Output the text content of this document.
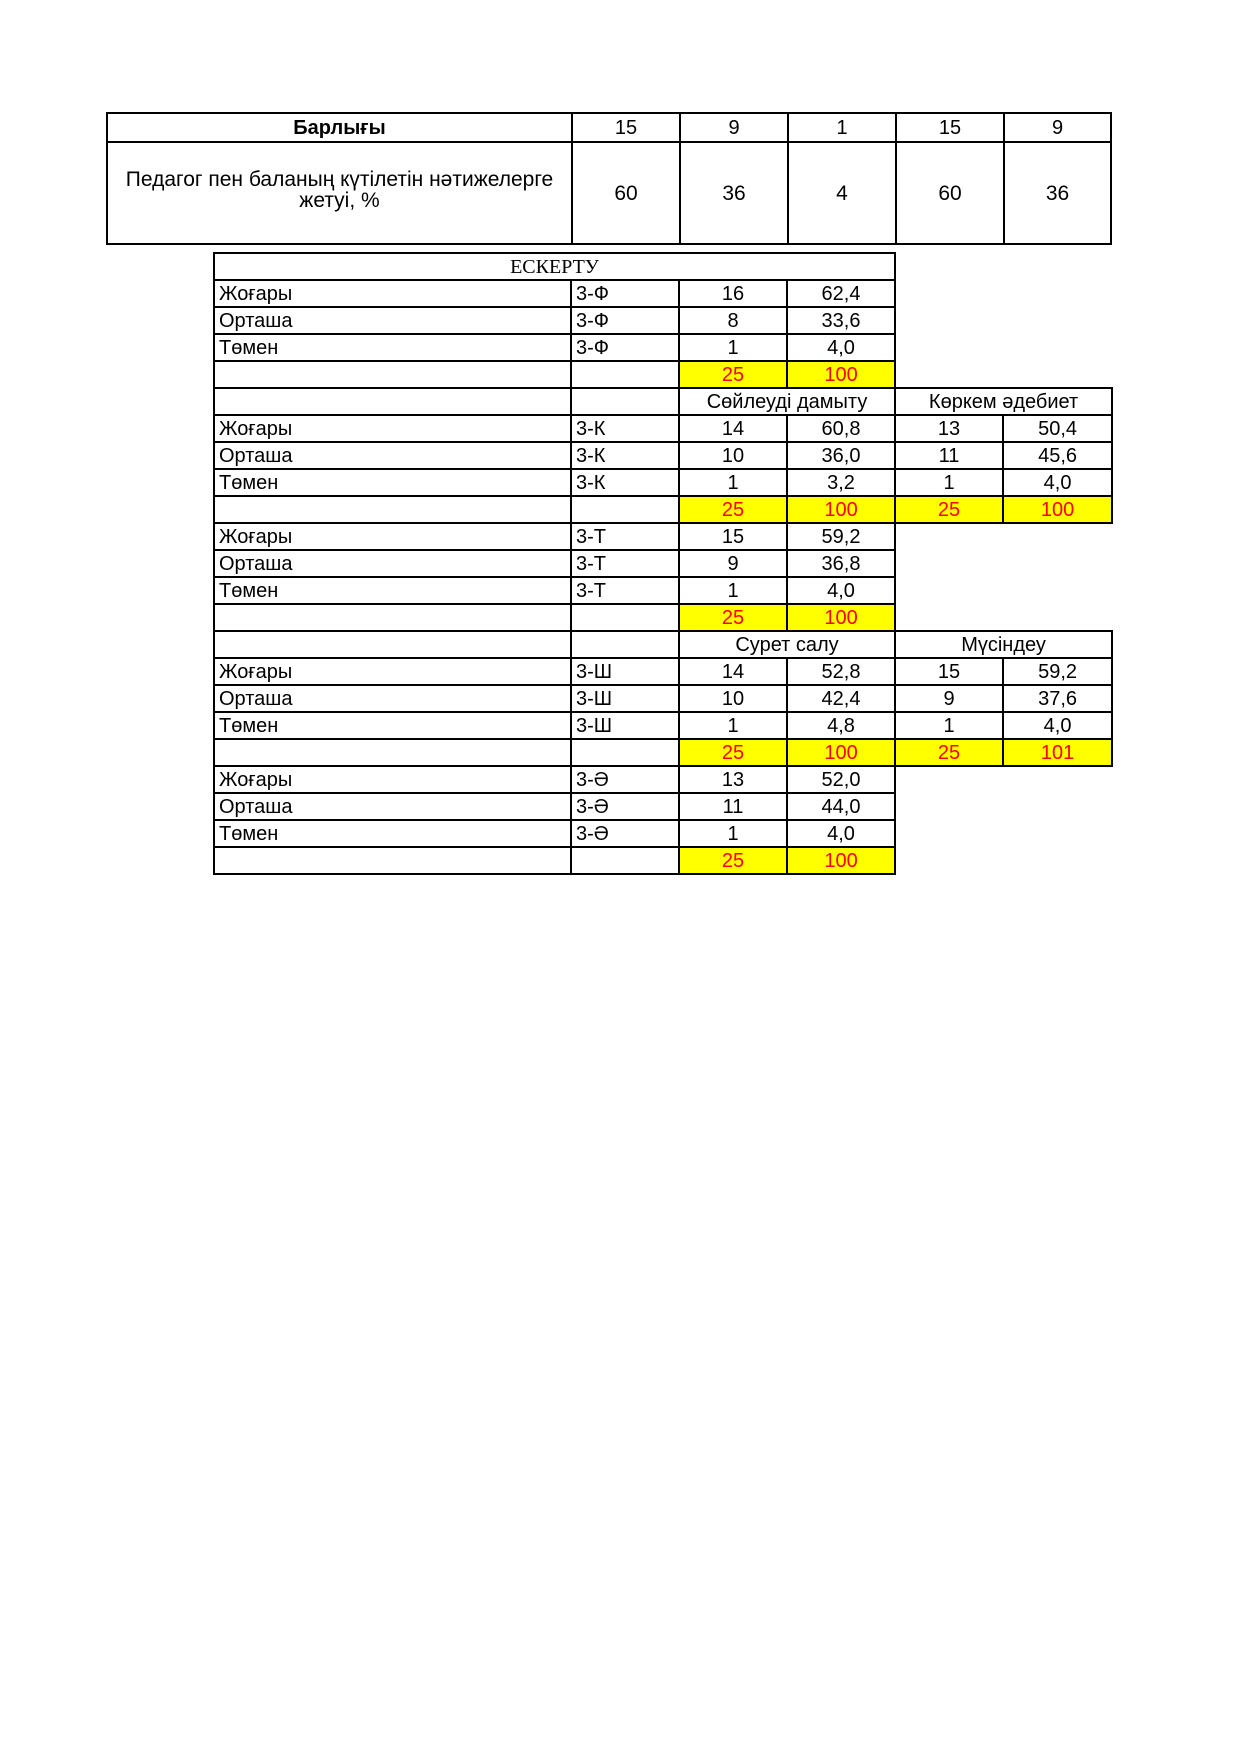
Барлығы	15	9	1	15	9
Педагог пен баланың күтілетін нәтижелерге жетуі, %	60	36	4	60	36
ЕСКЕРТУ					
Жоғары	3-Ф	16	62,4		
Орташа	3-Ф	8	33,6		
Төмен	3-Ф	1	4,0		
		25	100		
		Сөйлеуді дамыту		Көркем әдебиет	
Жоғары	3-К	14	60,8	13	50,4
Орташа	3-К	10	36,0	11	45,6
Төмен	3-К	1	3,2	1	4,0
		25	100	25	100
Жоғары	3-Т	15	59,2		
Орташа	3-Т	9	36,8		
Төмен	3-Т	1	4,0		
		25	100		
		Сурет салу		Мүсіндеу	
Жоғары	3-Ш	14	52,8	15	59,2
Орташа	3-Ш	10	42,4	9	37,6
Төмен	3-Ш	1	4,8	1	4,0
		25	100	25	101
Жоғары	3-Ә	13	52,0		
Орташа	3-Ә	11	44,0		
Төмен	3-Ә	1	4,0		
		25	100		
